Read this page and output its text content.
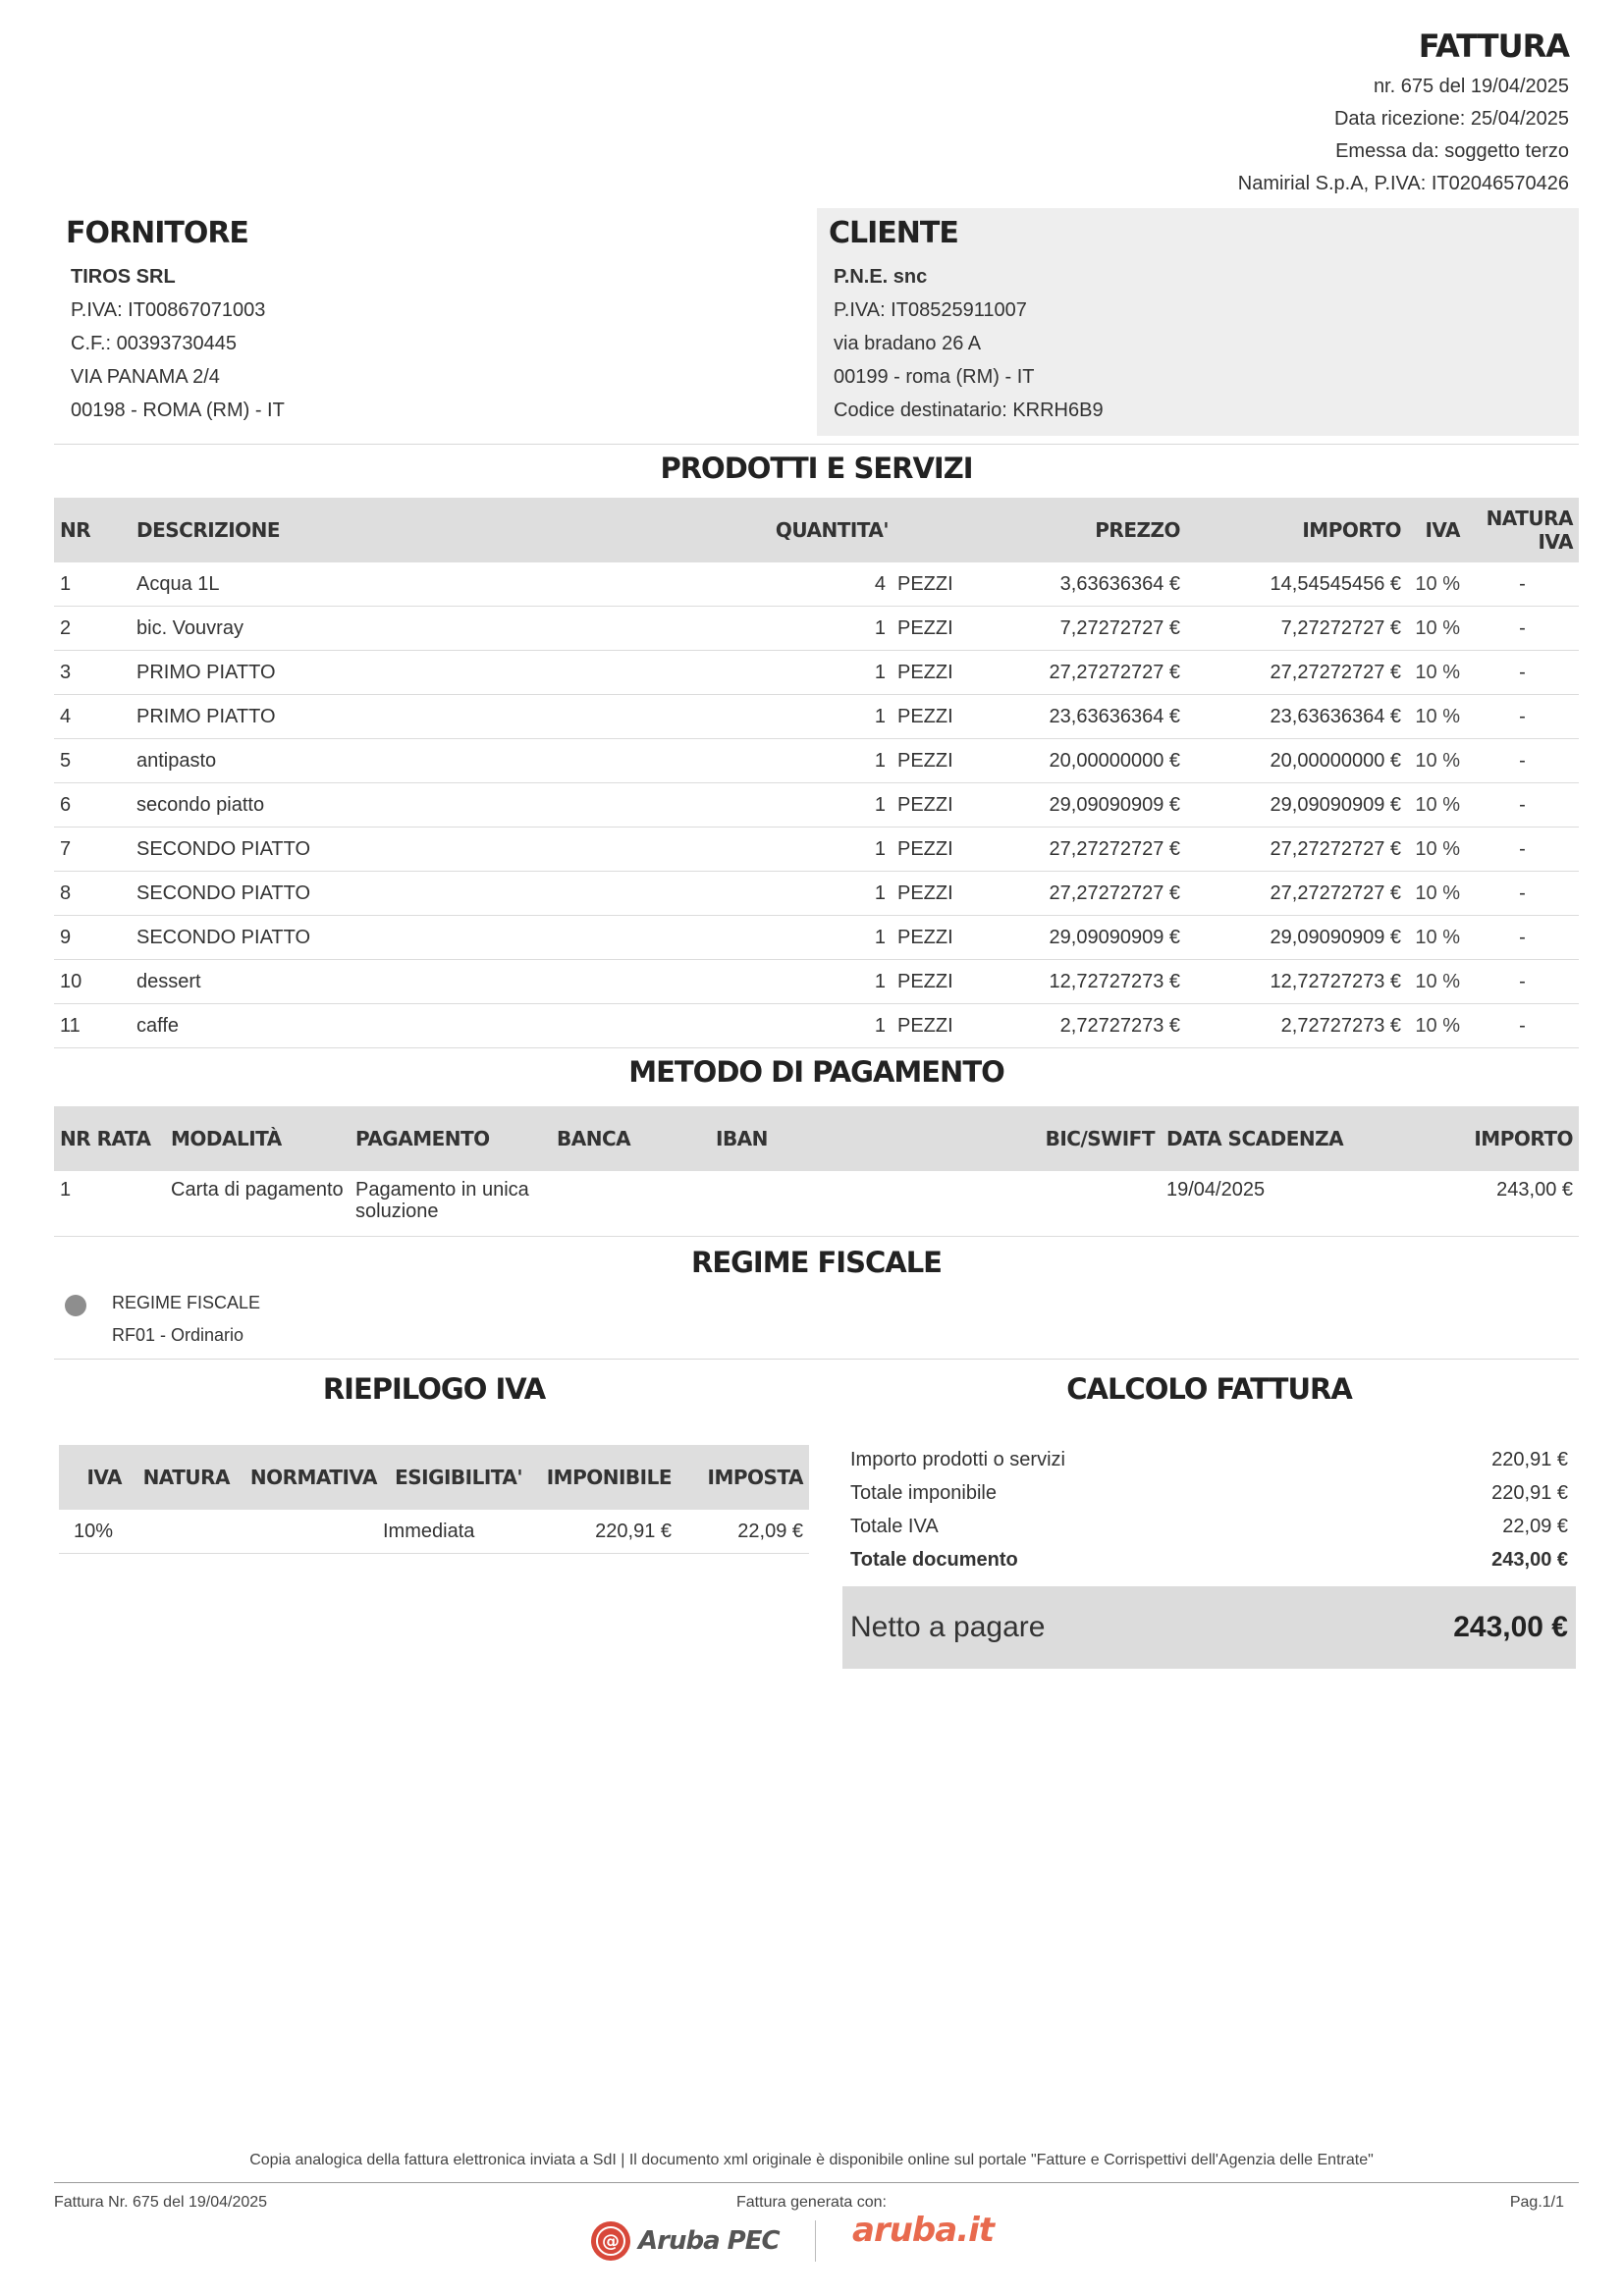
FATTURA
nr. 675 del 19/04/2025
Data ricezione: 25/04/2025
Emessa da: soggetto terzo
Namirial S.p.A, P.IVA: IT02046570426
FORNITORE
TIROS SRL
P.IVA: IT00867071003
C.F.: 00393730445
VIA PANAMA 2/4
00198 - ROMA (RM) - IT
CLIENTE
P.N.E. snc
P.IVA: IT08525911007
via bradano 26 A
00199 - roma (RM) - IT
Codice destinatario: KRRH6B9
PRODOTTI E SERVIZI
NR	DESCRIZIONE	QUANTITA'		PREZZO	IMPORTO	IVA	NATURA IVA
1	Acqua 1L	4	PEZZI	3,63636364 €	14,54545456 €	10 %	-
2	bic. Vouvray	1	PEZZI	7,27272727 €	7,27272727 €	10 %	-
3	PRIMO PIATTO	1	PEZZI	27,27272727 €	27,27272727 €	10 %	-
4	PRIMO PIATTO	1	PEZZI	23,63636364 €	23,63636364 €	10 %	-
5	antipasto	1	PEZZI	20,00000000 €	20,00000000 €	10 %	-
6	secondo piatto	1	PEZZI	29,09090909 €	29,09090909 €	10 %	-
7	SECONDO PIATTO	1	PEZZI	27,27272727 €	27,27272727 €	10 %	-
8	SECONDO PIATTO	1	PEZZI	27,27272727 €	27,27272727 €	10 %	-
9	SECONDO PIATTO	1	PEZZI	29,09090909 €	29,09090909 €	10 %	-
10	dessert	1	PEZZI	12,72727273 €	12,72727273 €	10 %	-
11	caffe	1	PEZZI	2,72727273 €	2,72727273 €	10 %	-
METODO DI PAGAMENTO
NR RATA	MODALITÀ	PAGAMENTO	BANCA	IBAN	BIC/SWIFT	DATA SCADENZA	IMPORTO
1	Carta di pagamento	Pagamento in unica soluzione				19/04/2025	243,00 €
REGIME FISCALE
REGIME FISCALE
RF01 - Ordinario
RIEPILOGO IVA
IVA	NATURA	NORMATIVA	ESIGIBILITA'	IMPONIBILE	IMPOSTA
10%			Immediata	220,91 €	22,09 €
CALCOLO FATTURA
Importo prodotti o servizi	220,91 €
Totale imponibile	220,91 €
Totale IVA	22,09 €
Totale documento	243,00 €
Netto a pagare	243,00 €
Copia analogica della fattura elettronica inviata a SdI | Il documento xml originale è disponibile online sul portale "Fatture e Corrispettivi dell'Agenzia delle Entrate"
Fattura Nr. 675 del 19/04/2025	Fattura generata con:	Pag.1/1
@ Aruba PEC aruba.it
